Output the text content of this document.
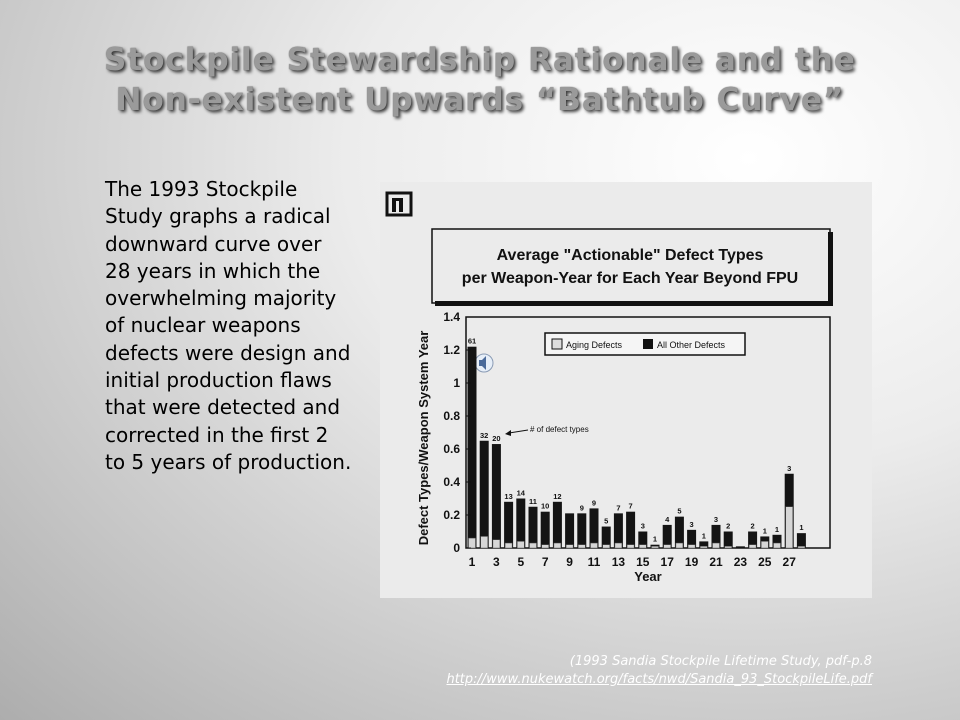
Stockpile Stewardship Rationale and the
Non-existent Upwards “Bathtub Curve”
The 1993 Stockpile Study graphs a radical downward curve over 28 years in which the overwhelming majority of nuclear weapons defects were design and initial production flaws that were detected and corrected in the first 2 to 5 years of production.
Average "Actionable" Defect Types
per Weapon-Year for Each Year Beyond FPU
Defect Types/Weapon System Year	Aging Defects	All Other Defects
# of defect types
Year
61
32 20
13 14
11
10
12
9
9
5
7 7
3
1
4
5
3
1
3
2	2
1 1
3
1
0
0.2
0.4
0.6
0.8
1
1.2
1.4
1 3 5 7 9 11 13 15 17 19 21 23 25 27
(1993 Sandia Stockpile Lifetime Study, pdf-p.8
http://www.nukewatch.org/facts/nwd/Sandia_93_StockpileLife.pdf
